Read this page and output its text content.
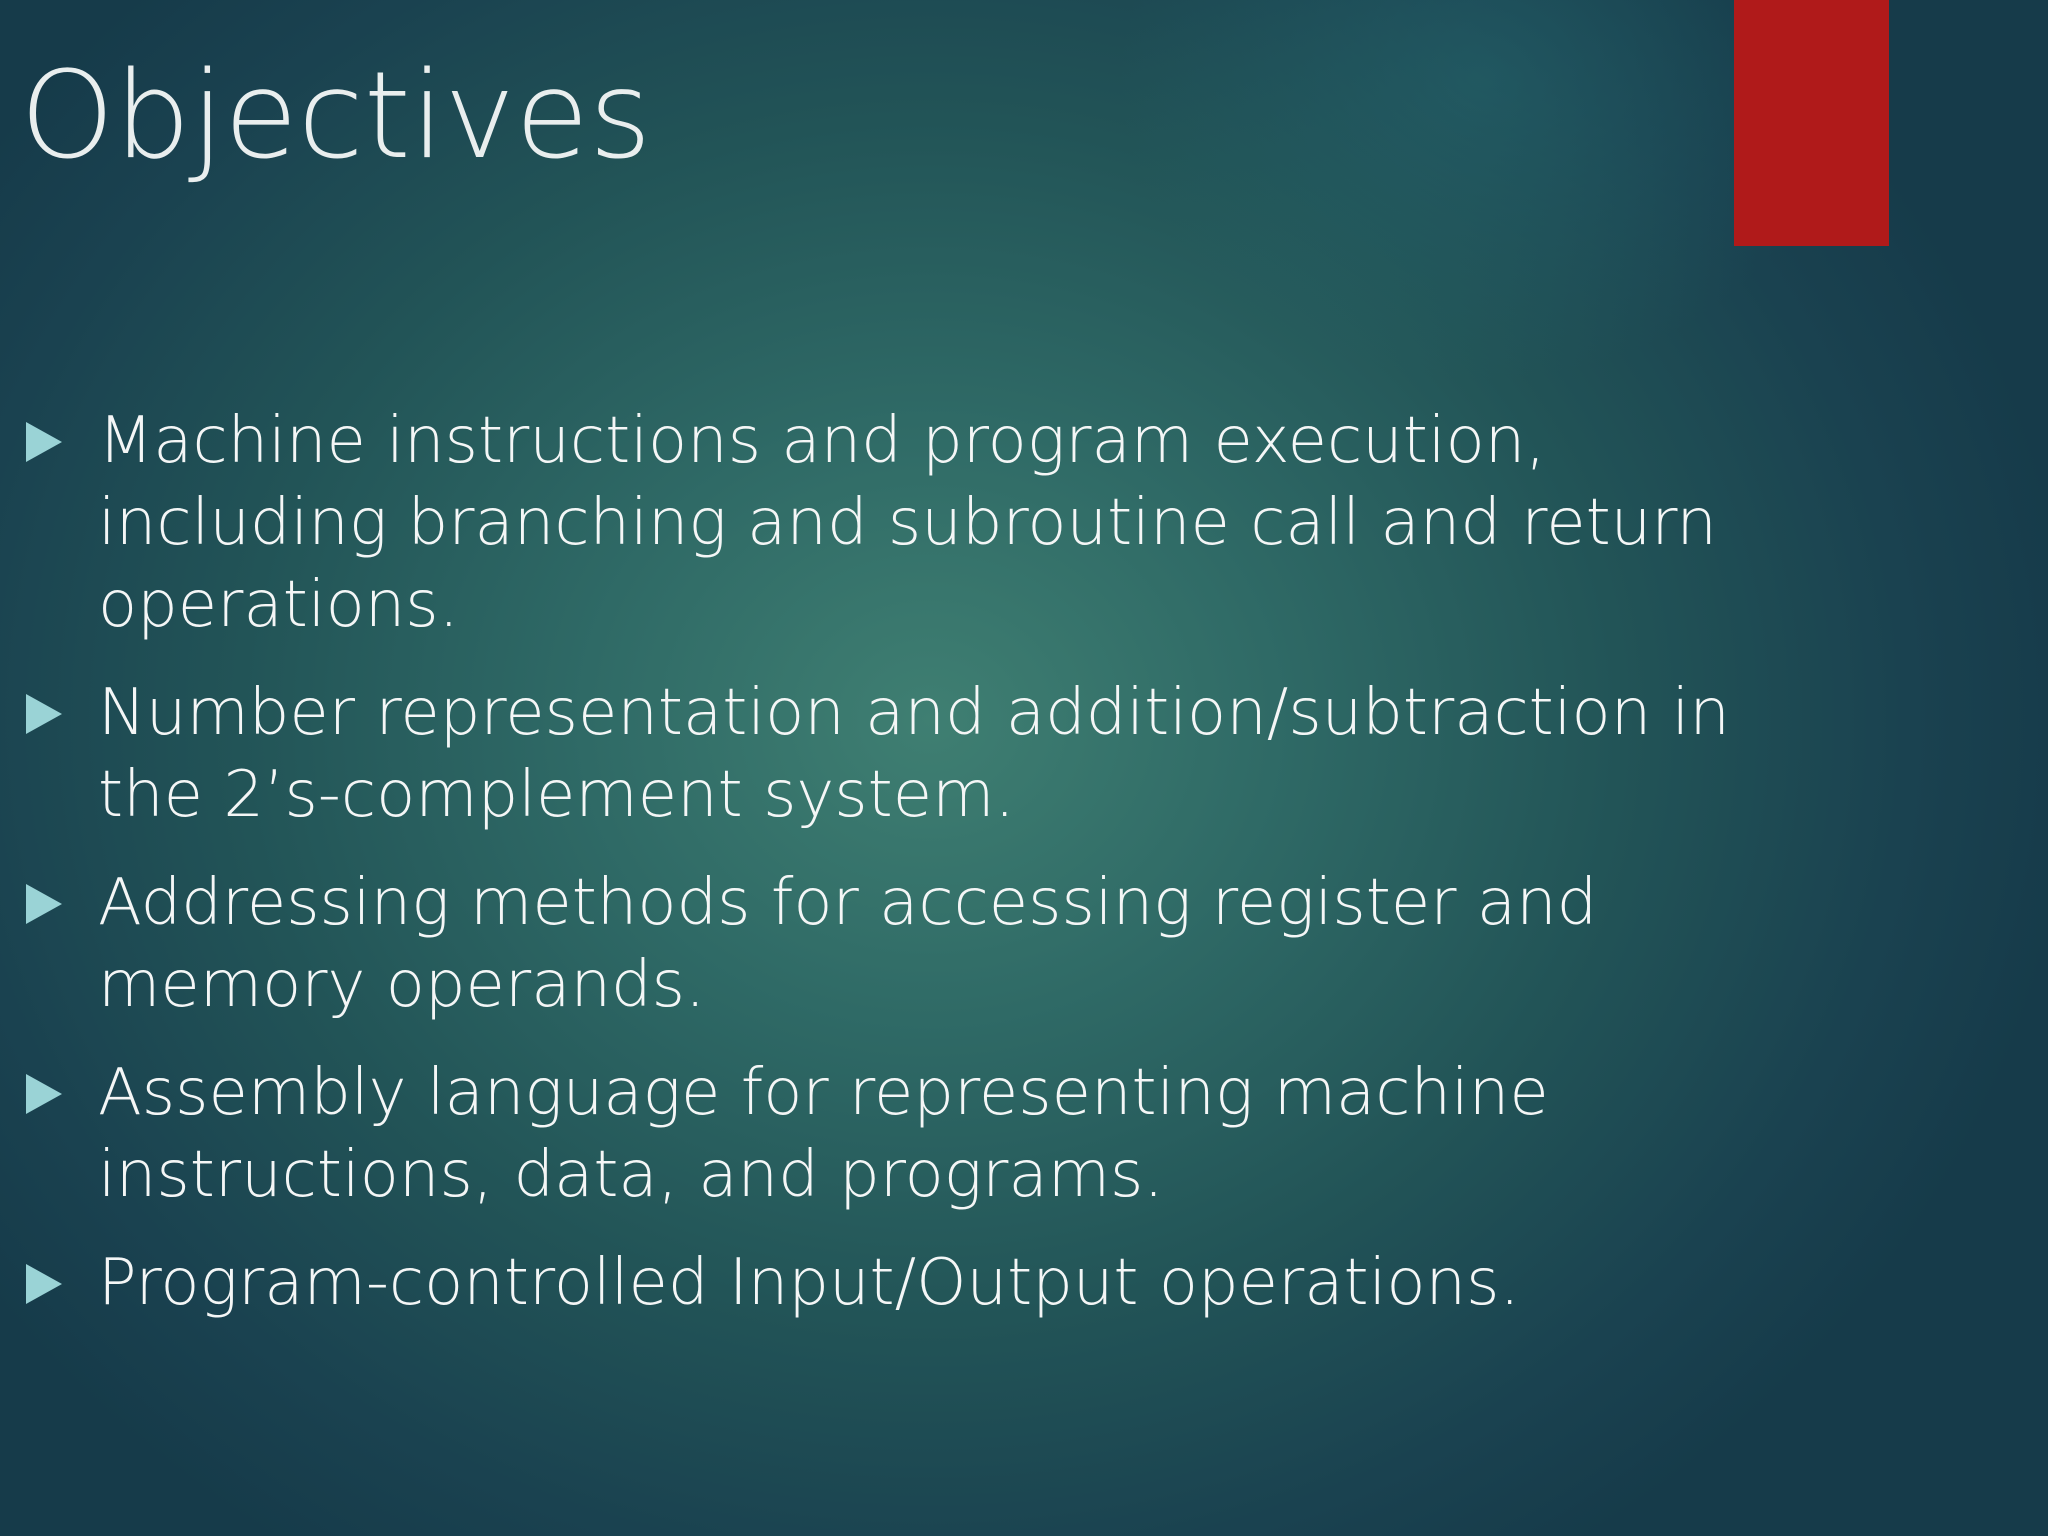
Objectives
Machine instructions and program execution,
including branching and subroutine call and return
operations.
Number representation and addition/subtraction in
the 2’s-complement system.
Addressing methods for accessing register and
memory operands.
Assembly language for representing machine
instructions, data, and programs.
Program-controlled Input/Output operations.
